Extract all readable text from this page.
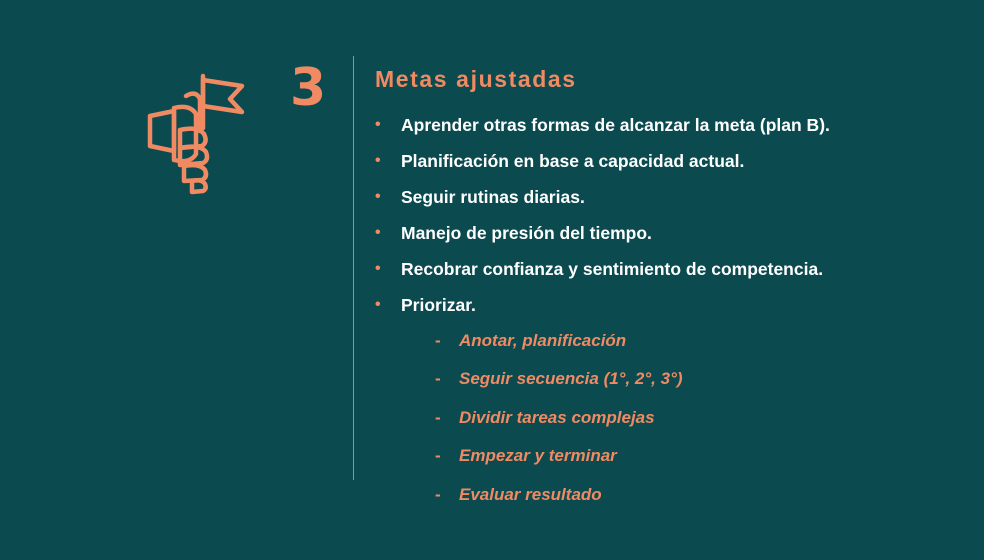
3 Metas ajustadas
•	Aprender otras formas de alcanzar la meta (plan B).
•	Planificación en base a capacidad actual.
•	Seguir rutinas diarias.
•	Manejo de presión del tiempo.
•	Recobrar confianza y sentimiento de competencia.
•	Priorizar.
-	Anotar, planificación
-	Seguir secuencia (1°, 2°, 3°)
-	Dividir tareas complejas
-	Empezar y terminar
-	Evaluar resultado
